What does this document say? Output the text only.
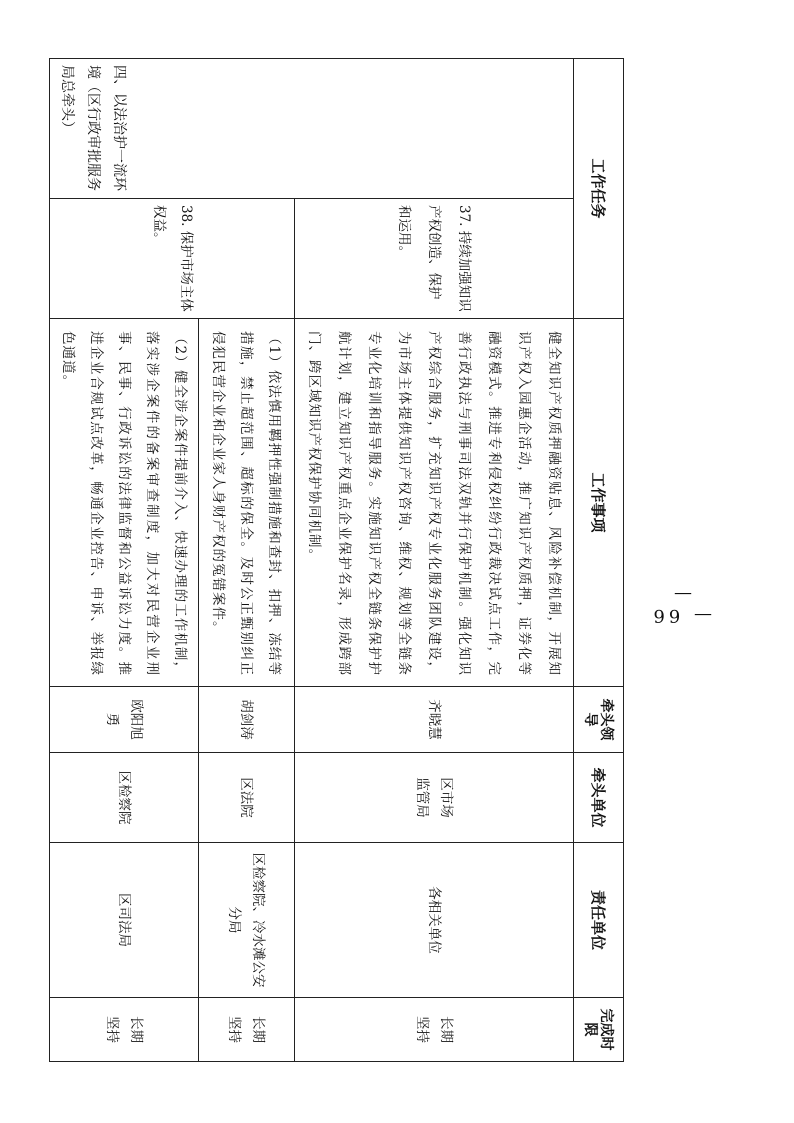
工作任务		工作事项	牵头领导	牵头单位	责任单位	完成时限
四、以法治护一流环境（区行政审批服务局总牵头）	37. 持续加强知识产权创造、保护和运用。	健全知识产权质押融资贴息、风险补偿机制，开展知识产权入园惠企活动，推广知识产权质押，证券化等融资模式。推进专利侵权纠纷行政裁决试点工作，完善行政执法与刑事司法双轨并行保护机制。强化知识产权综合服务，扩充知识产权专业化服务团队建设，为市场主体提供知识产权咨询、维权、规划等全链条专业化培训和指导服务。实施知识产权全链条保护护航计划，建立知识产权重点企业保护名录，形成跨部门、跨区域知识产权保护协同机制。	齐晓慧	区市场监管局	各相关单位	长期坚持
	38. 保护市场主体权益。	（1）依法慎用羁押性强制措施和查封、扣押、冻结等措施，禁止超范围、超标的保全。及时公正甄别纠正侵犯民营企业和企业家人身财产权的冤错案件。	胡剑涛	区法院	区检察院、冷水滩公安分局	长期坚持
		（2）健全涉企案件提前介入、快速办理的工作机制，落实涉企案件的备案审查制度，加大对民营企业刑事、民事、行政诉讼的法律监督和公益诉讼力度。推进企业合规试点改革，畅通企业控告、申诉、举报绿色通道。	欧阳旭勇	区检察院	区司法局	长期坚持
— 66 —
